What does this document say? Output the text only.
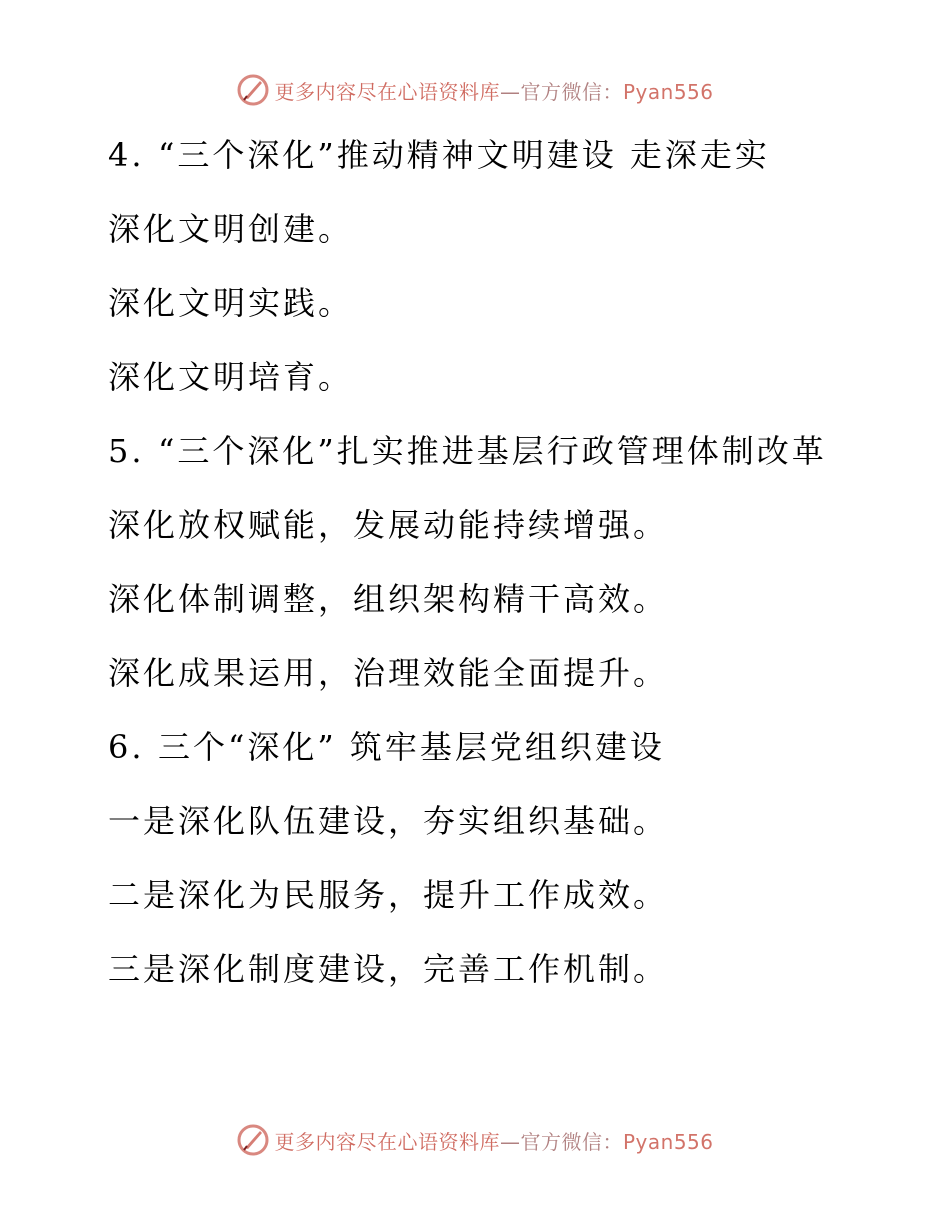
更多内容尽在心语资料库—官方微信：Pyan556
4. “三个深化”推动精神文明建设 走深走实
深化文明创建。
深化文明实践。
深化文明培育。
5. “三个深化”扎实推进基层行政管理体制改革
深化放权赋能，发展动能持续增强。
深化体制调整，组织架构精干高效。
深化成果运用，治理效能全面提升。
6. 三个“深化” 筑牢基层党组织建设
一是深化队伍建设，夯实组织基础。
二是深化为民服务，提升工作成效。
三是深化制度建设，完善工作机制。
更多内容尽在心语资料库—官方微信：Pyan556
